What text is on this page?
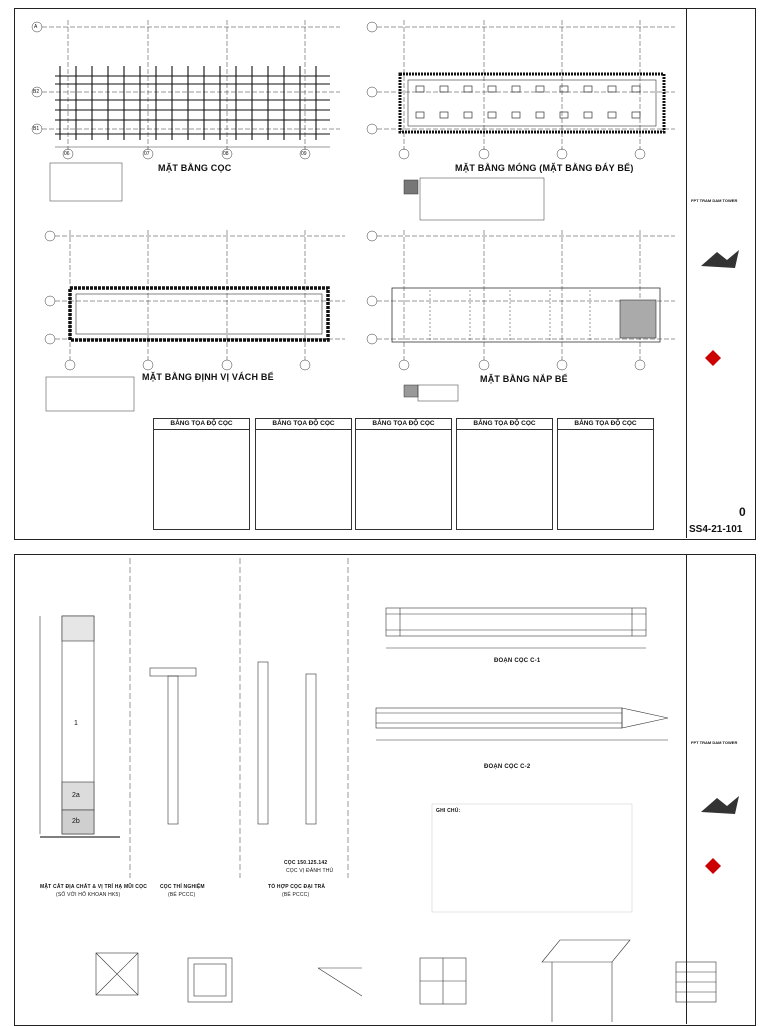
A
B2
B1
06	07	08	09
MẶT BẰNG CỌC	MẶT BẰNG MÓNG (MẶT BẰNG ĐÁY BỂ)
MẶT BẰNG ĐỊNH VỊ VÁCH BỂ	MẶT BẰNG NẮP BỂ
BẢNG TỌA ĐỘ CỌC	BẢNG TỌA ĐỘ CỌC	BẢNG TỌA ĐỘ CỌC	BẢNG TỌA ĐỘ CỌC	BẢNG TỌA ĐỘ CỌC
FPT TRAM DAM TOWER
SS4-21-101
0
1
2a
2b
ĐOẠN CỌC C-1
ĐOẠN CỌC C-2
CỌC 150.125.142
CỌC VỊ ĐÁNH THỦ
MẶT CẮT ĐỊA CHẤT & VỊ TRÍ HẠ MŨI CỌC
(SỐ VỚI HỐ KHOAN HK5)
CỌC THÍ NGHIỆM
(BỂ PCCC)
TỔ HỢP CỌC ĐẠI TRÀ
(BỂ PCCC)
GHI CHÚ:
FPT TRAM DAM TOWER
